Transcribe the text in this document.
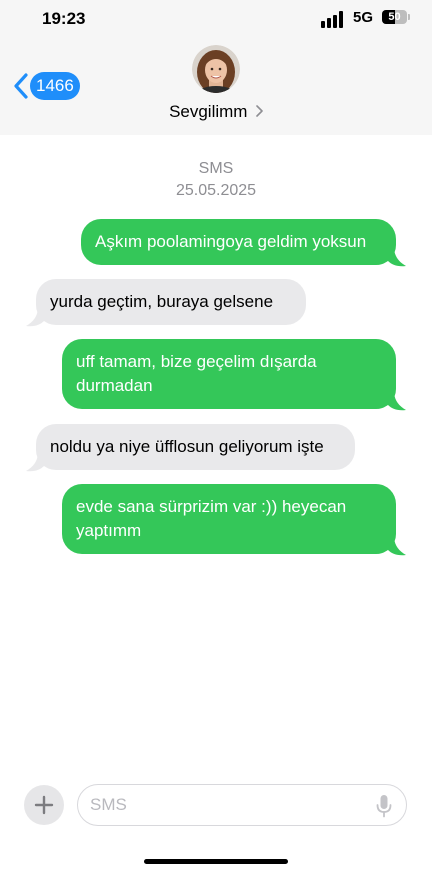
19:23	5G	50
1466
Sevgilimm
SMS
25.05.2025
Aşkım poolamingoya geldim yoksun
yurda geçtim, buraya gelsene
uff tamam, bize geçelim dışarda durmadan
noldu ya niye üfflosun geliyorum işte
evde sana sürprizim var :)) heyecan yaptımm
SMS
